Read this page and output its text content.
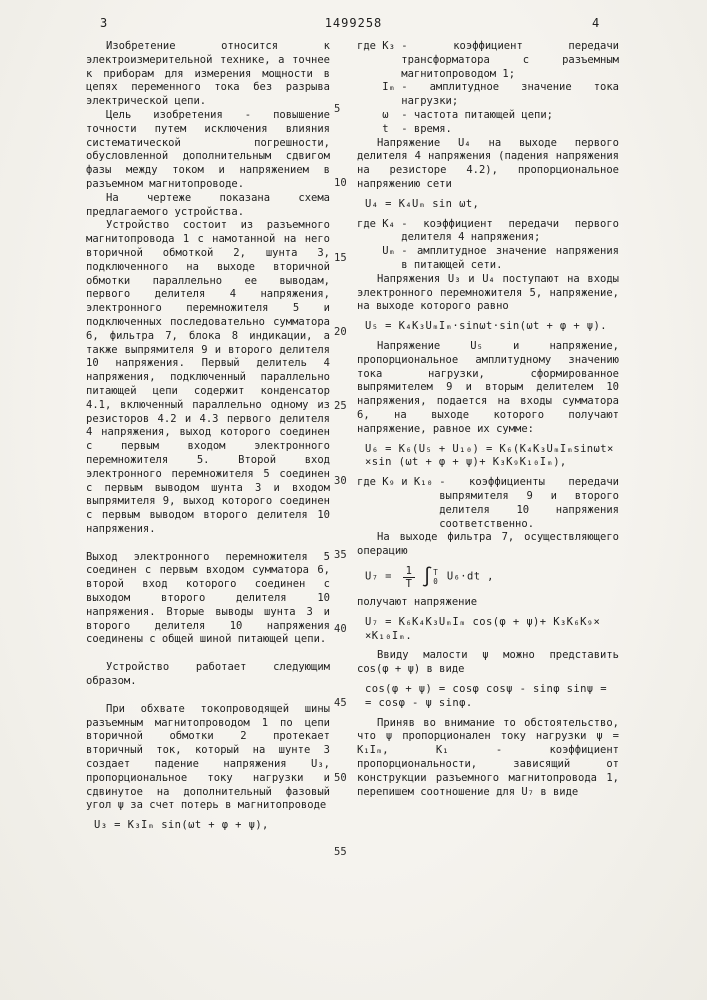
3	1499258	4
5
10
15
20
25
30
35
40
45
50
55
Изобретение относится к электроизмерительной технике, а точнее к приборам для измерения мощности в цепях переменного тока без разрыва электрической цепи.
Цель изобретения - повышение точности путем исключения влияния систематической погрешности, обусловленной дополнительным сдвигом фазы между током и напряжением в разъемном магнитопроводе.
На чертеже показана схема предлагаемого устройства.
Устройство состоит из разъемного магнитопровода 1 с намотанной на него вторичной обмоткой 2, шунта 3, подключенного на выходе вторичной обмотки параллельно ее выводам, первого делителя 4 напряжения, электронного перемножителя 5 и подключенных последовательно сумматора 6, фильтра 7, блока 8 индикации, а также выпрямителя 9 и второго делителя 10 напряжения. Первый делитель 4 напряжения, подключенный параллельно питающей цепи содержит конденсатор 4.1, включенный параллельно одному из резисторов 4.2 и 4.3 первого делителя 4 напряжения, выход которого соединен с первым входом электронного перемножителя 5. Второй вход электронного перемножителя 5 соединен с первым выводом шунта 3 и входом выпрямителя 9, выход которого соединен с первым выводом второго делителя 10 напряжения.
Выход электронного перемножителя 5 соединен с первым входом сумматора 6, второй вход которого соединен с выходом второго делителя 10 напряжения. Вторые выводы шунта 3 и второго делителя 10 напряжения соединены с общей шиной питающей цепи.
Устройство работает следующим образом.
При обхвате токопроводящей шины разъемным магнитопроводом 1 по цепи вторичной обмотки 2 протекает вторичный ток, который на шунте 3 создает падение напряжения U₃, пропорциональное току нагрузки и сдвинутое на дополнительный фазовый угол ψ за счет потерь в магнитопроводе
U₃ = K₃Iₘ sin(ωt + φ + ψ),
где K₃ - коэффициент передачи трансформатора с разъемным магнитопроводом 1;
Iₘ - амплитудное значение тока нагрузки;
ω - частота питающей цепи;
t - время.
Напряжение U₄ на выходе первого делителя 4 напряжения (падения напряжения на резисторе 4.2), пропорциональное напряжению сети
U₄ = K₄Uₘ sin ωt,
где K₄ - коэффициент передачи первого делителя 4 напряжения;
Uₘ - амплитудное значение напряжения в питающей сети.
Напряжения U₃ и U₄ поступают на входы электронного перемножителя 5, напряжение, на выходе которого равно
U₅ = K₄K₃UₘIₘ·sinωt·sin(ωt + φ + ψ).
Напряжение U₅ и напряжение, пропорциональное амплитудному значению тока нагрузки, сформированное выпрямителем 9 и вторым делителем 10 напряжения, подается на входы сумматора 6, на выходе которого получают напряжение, равное их сумме:
U₆ = K₆(U₅ + U₁₀) = K₆(K₄K₃UₘIₘsinωt× ×sin (ωt + φ + ψ)+ K₃K₉K₁₀Iₘ),
где K₉ и K₁₀ - коэффициенты передачи выпрямителя 9 и второго делителя 10 напряжения соответственно.
На выходе фильтра 7, осуществляющего операцию
$U_7 = \frac{1}{T}$ ∫ T
0 U₆·dt ,
получают напряжение
U₇ = K₆K₄K₃UₘIₘ cos(φ + ψ)+ K₃K₆K₉× ×K₁₀Iₘ.
Ввиду малости ψ можно представить cos(φ + ψ) в виде
cos(φ + ψ) = cosφ cosψ - sinφ sinψ = = cosφ - ψ sinφ.
Приняв во внимание то обстоятельство, что ψ пропорционален току нагрузки ψ = K₁Iₘ, K₁ - коэффициент пропорциональности, зависящий от конструкции разъемного магнитопровода 1, перепишем соотношение для U₇ в виде
